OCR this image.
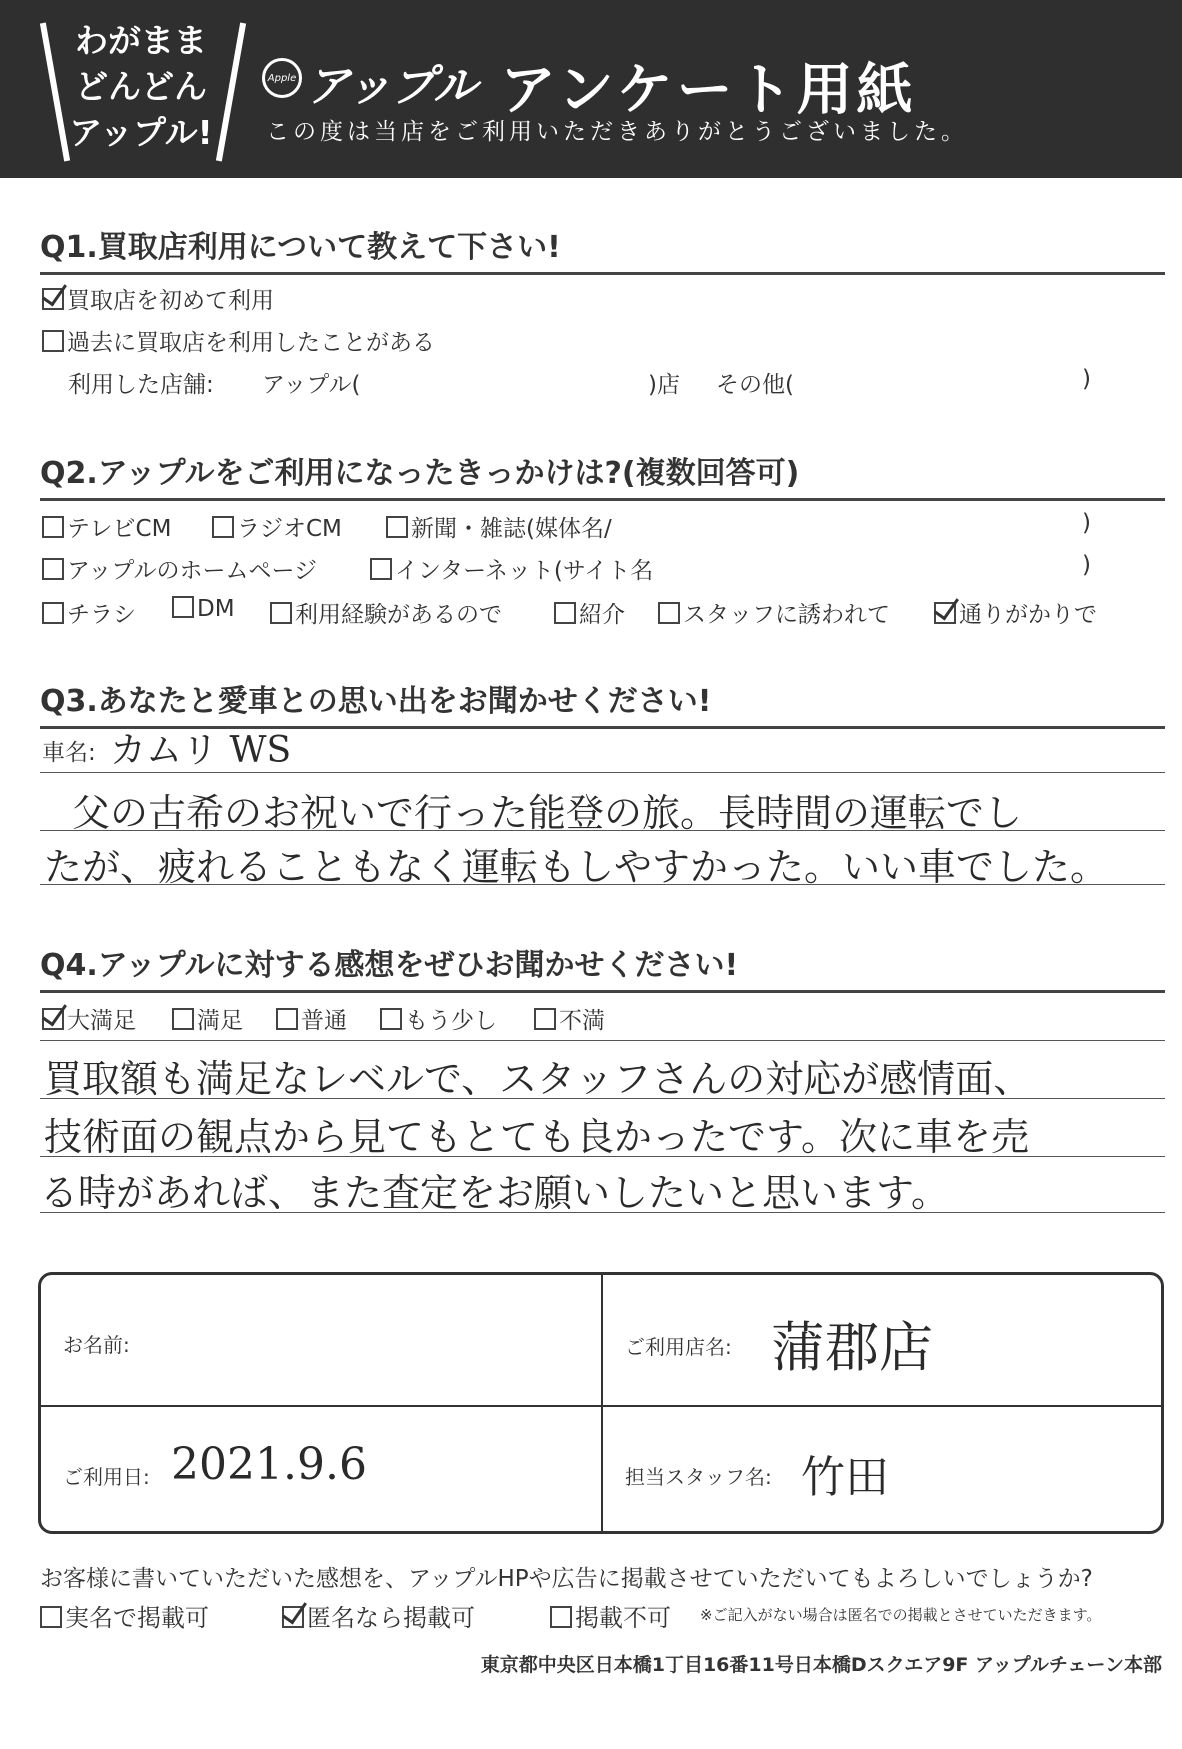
わがまま
どんどん
アップル!
Apple アップル アンケート用紙
この度は当店をご利用いただきありがとうございました。
Q1.買取店利用について教えて下さい!
買取店を初めて利用
過去に買取店を利用したことがある
利用した店舗: アップル(	)店 その他(	)
Q2.アップルをご利用になったきっかけは?(複数回答可)
テレビCM	ラジオCM	新聞・雑誌(媒体名/	)
アップルのホームページ	インターネット(サイト名	)
チラシ	DM	利用経験があるので	紹介	スタッフに誘われて	通りがかりで
Q3.あなたと愛車との思い出をお聞かせください!
車名: カムリ WS
父の古希のお祝いで行った能登の旅。長時間の運転でし
たが、疲れることもなく運転もしやすかった。いい車でした。
Q4.アップルに対する感想をぜひお聞かせください!
大満足	満足	普通	もう少し	不満
買取額も満足なレベルで、スタッフさんの対応が感情面、
技術面の観点から見てもとても良かったです。次に車を売
る時があれば、また査定をお願いしたいと思います。
お名前:	ご利用店名: 蒲郡店
ご利用日: 2021.9.6	担当スタッフ名: 竹田
お客様に書いていただいた感想を、アップルHPや広告に掲載させていただいてもよろしいでしょうか?
実名で掲載可	匿名なら掲載可	掲載不可 ※ご記入がない場合は匿名での掲載とさせていただきます。
東京都中央区日本橋1丁目16番11号日本橋Dスクエア9F アップルチェーン本部
